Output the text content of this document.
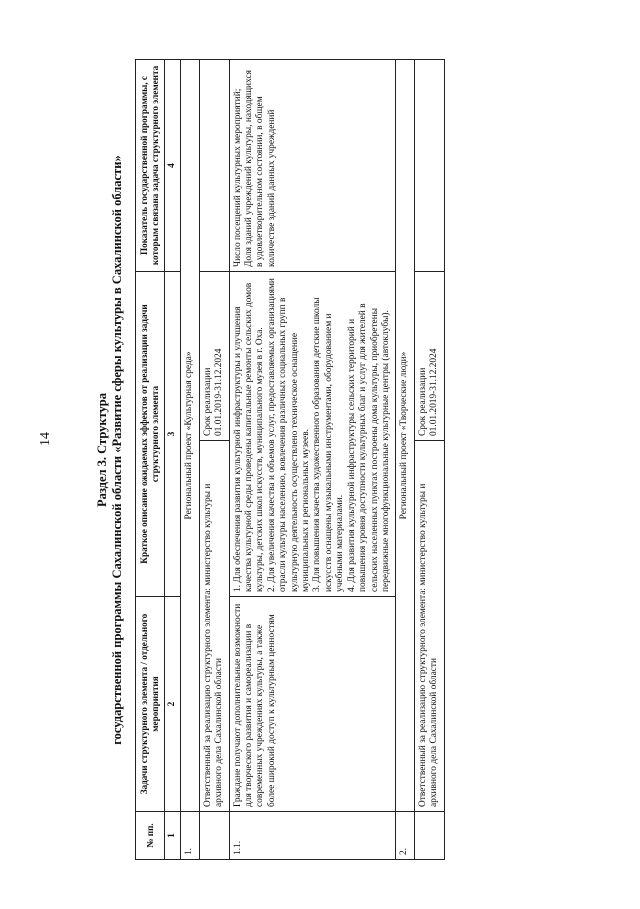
14	Раздел 3. Структура государственной программы Сахалинской области «Развитие сферы культуры в Сахалинской области»
№ пп.	Задачи структурного элемента / отдельного мероприятия	Краткое описание ожидаемых эффектов от реализации задачи структурного элемента	Показатель государственной программы, с которым связана задача структурного элемента
1	2	3	4
1.	Региональный проект «Культурная среда»		

	Ответственный за реализацию структурного элемента: министерство культуры и архивного дела Сахалинской области
Срок реализации 01.01.2019-31.12.2024		

1.1.	Граждане получают дополнительные возможности для творческого развития и самореализации в современных учреждениях культуры, а также более широкий доступ к культурным ценностям	1. Для обеспечения развития культурной инфраструктуры и улучшения качества культурной среды проведены капитальные ремонты сельских домов культуры, детских школ искусств, муниципального музея в г. Оха. 2. Для увеличения качества и объемов услуг, предоставляемых организациями отрасли культуры населению, вовлечения различных социальных групп в культурную деятельность осуществлено техническое оснащение муниципальных и региональных музеев. 3. Для повышения качества художественного образования детские школы искусств оснащены музыкальными инструментами, оборудованием и учебными материалами. 4. Для развития культурной инфраструктуры сельских территорий и повышения уровня доступности культурных благ и услуг для жителей в сельских населенных пунктах построены дома культуры, приобретены передвижные многофункциональные культурные центры (автоклубы).	Число посещений культурных мероприятий; Доля зданий учреждений культуры, находящихся в удовлетворительном состоянии, в общем количестве зданий данных учреждений

2.	Региональный проект «Творческие люди»		

	Ответственный за реализацию структурного элемента: министерство культуры и архивного дела Сахалинской области
Срок реализации 01.01.2019-31.12.2024		
